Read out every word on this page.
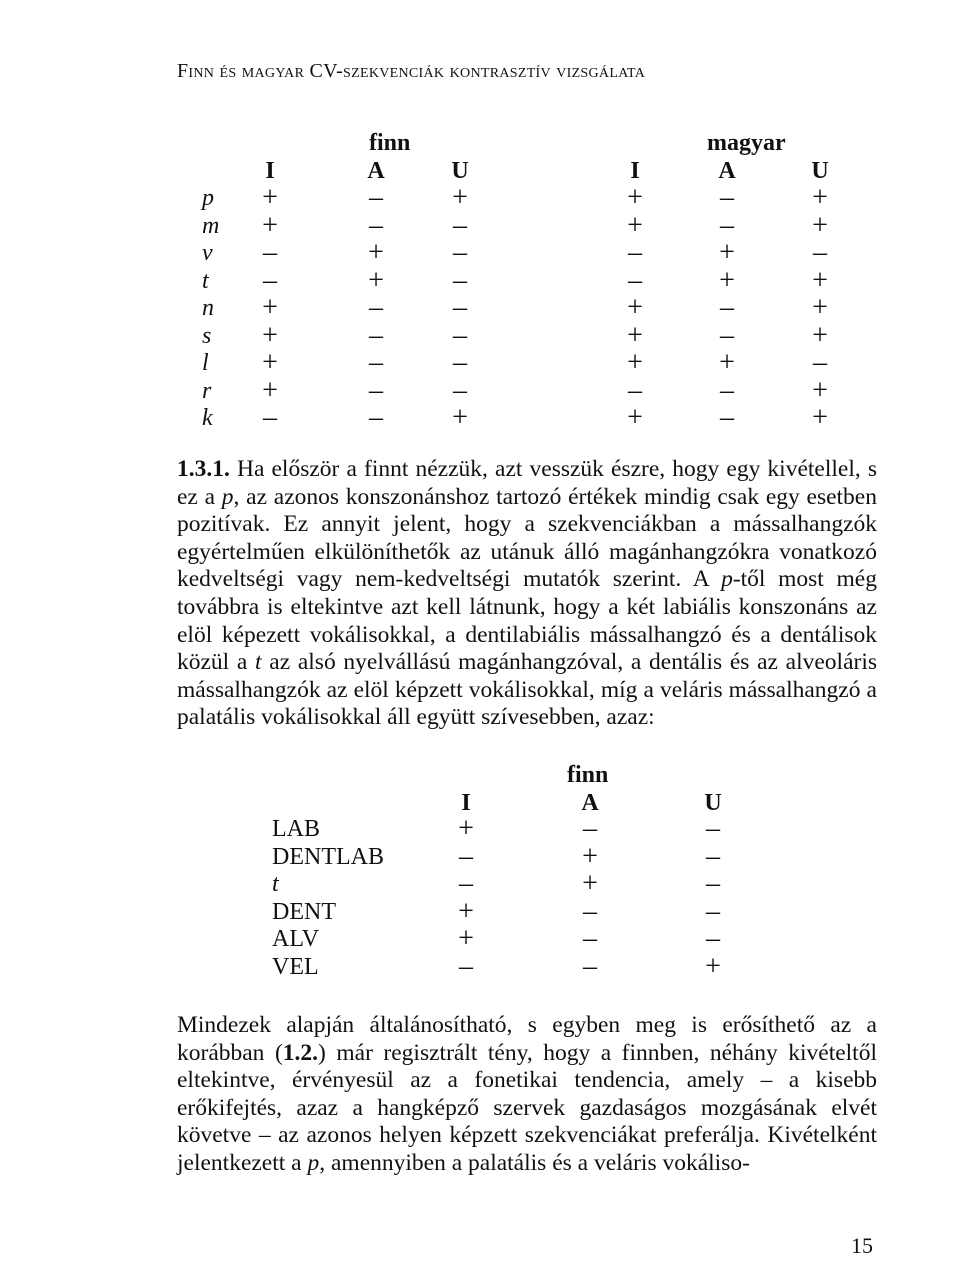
Finn és magyar CV-szekvenciák kontrasztív vizsgálata
finn	magyar
I	A	U	I	A	U
p	+	–	+	+	–	+
m	+	–	–	+	–	+
v	–	+	–	–	+	–
t	–	+	–	–	+	+
n	+	–	–	+	–	+
s	+	–	–	+	–	+
l	+	–	–	+	+	–
r	+	–	–	–	–	+
k	–	–	+	+	–	+

1.3.1. Ha először a finnt nézzük, azt vesszük észre, hogy egy kivétellel, s ez a p, az azonos konszonánshoz tartozó értékek mindig csak egy esetben pozitívak. Ez annyit jelent, hogy a szekvenciákban a mássalhangzók egyértelműen elkülöníthetők az utánuk álló magánhangzókra vonatkozó kedveltségi vagy nem-kedveltségi mutatók szerint. A p-től most még továbbra is eltekintve azt kell látnunk, hogy a két labiális konszonáns az elöl képezett vokálisokkal, a dentilabiális mássalhangzó és a dentálisok közül a t az alsó nyelvállású magánhangzóval, a dentális és az alveoláris mássalhangzók az elöl képzett vokálisokkal, míg a veláris mássalhangzó a palatális vokálisokkal áll együtt szívesebben, azaz:

finn
I	A	U
LAB	+	–	–
DENTLAB	–	+	–
t	–	+	–
DENT	+	–	–
ALV	+	–	–
VEL	–	–	+

Mindezek alapján általánosítható, s egyben meg is erősíthető az a korábban (1.2.) már regisztrált tény, hogy a finnben, néhány kivételtől eltekintve, érvényesül az a fonetikai tendencia, amely – a kisebb erőkifejtés, azaz a hangképző szervek gazdaságos mozgásának elvét követve – az azonos helyen képzett szekvenciákat preferálja. Kivételként jelentkezett a p, amennyiben a palatális és a veláris vokáliso-

15
